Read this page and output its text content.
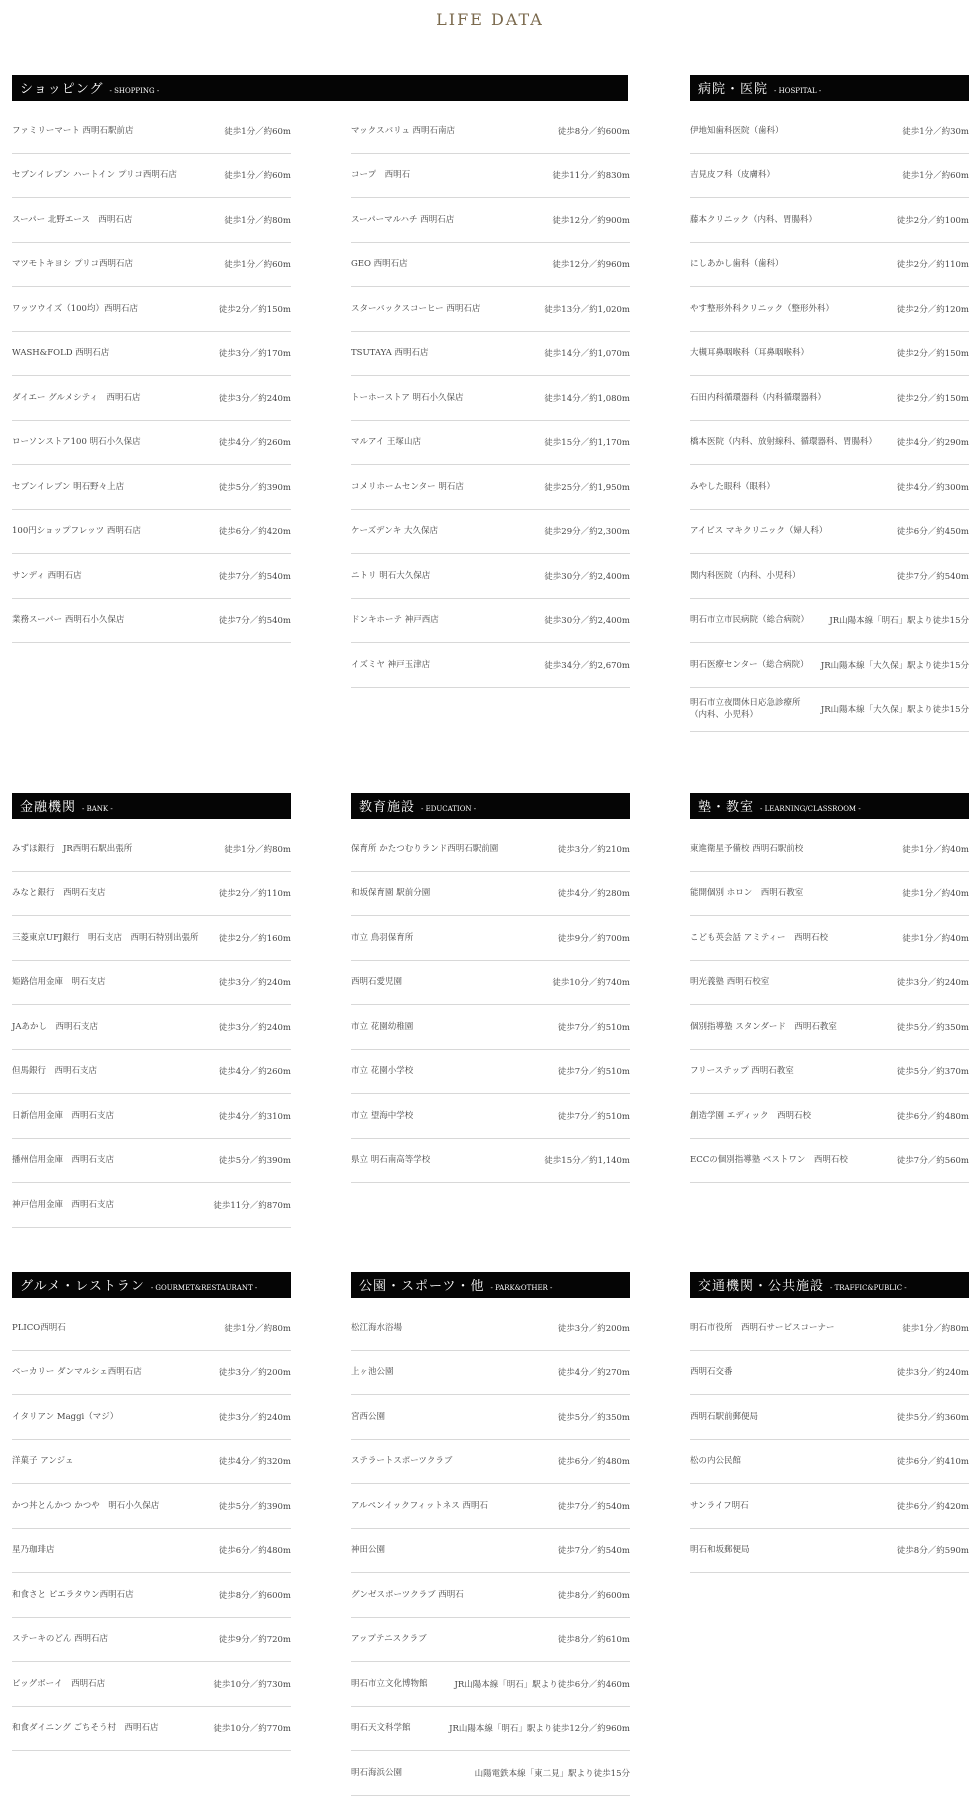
LIFE DATA
ショッピング - SHOPPING -
ファミリーマート 西明石駅前店	徒歩1分／約60m
セブンイレブン ハートイン プリコ西明石店	徒歩1分／約60m
スーパー 北野エース　西明石店	徒歩1分／約80m
マツモトキヨシ プリコ西明石店	徒歩1分／約60m
ワッツウイズ（100均）西明石店	徒歩2分／約150m
WASH&FOLD 西明石店	徒歩3分／約170m
ダイエー グルメシティ　西明石店	徒歩3分／約240m
ローソンストア100 明石小久保店	徒歩4分／約260m
セブンイレブン 明石野々上店	徒歩5分／約390m
100円ショップフレッツ 西明石店	徒歩6分／約420m
サンディ 西明石店	徒歩7分／約540m
業務スーパー 西明石小久保店	徒歩7分／約540m
マックスバリュ 西明石南店	徒歩8分／約600m
コープ　西明石	徒歩11分／約830m
スーパーマルハチ 西明石店	徒歩12分／約900m
GEO 西明石店	徒歩12分／約960m
スターバックスコーヒー 西明石店	徒歩13分／約1,020m
TSUTAYA 西明石店	徒歩14分／約1,070m
トーホーストア 明石小久保店	徒歩14分／約1,080m
マルアイ 王塚山店	徒歩15分／約1,170m
コメリホームセンター 明石店	徒歩25分／約1,950m
ケーズデンキ 大久保店	徒歩29分／約2,300m
ニトリ 明石大久保店	徒歩30分／約2,400m
ドンキホーテ 神戸西店	徒歩30分／約2,400m
イズミヤ 神戸玉津店	徒歩34分／約2,670m
病院・医院 - HOSPITAL -
伊地知歯科医院（歯科）	徒歩1分／約30m
吉見皮フ科（皮膚科）	徒歩1分／約60m
藤本クリニック（内科、胃腸科）	徒歩2分／約100m
にしあかし歯科（歯科）	徒歩2分／約110m
やす整形外科クリニック（整形外科）	徒歩2分／約120m
大槻耳鼻咽喉科（耳鼻咽喉科）	徒歩2分／約150m
石田内科循環器科（内科循環器科）	徒歩2分／約150m
橋本医院（内科、放射線科、循環器科、胃腸科）	徒歩4分／約290m
みやした眼科（眼科）	徒歩4分／約300m
アイビス マキクリニック（婦人科）	徒歩6分／約450m
関内科医院（内科、小児科）	徒歩7分／約540m
明石市立市民病院（総合病院）	JR山陽本線「明石」駅より徒歩15分
明石医療センター（総合病院）	JR山陽本線「大久保」駅より徒歩15分
明石市立夜間休日応急診療所
（内科、小児科）	JR山陽本線「大久保」駅より徒歩15分
金融機関 - BANK -
みずほ銀行　JR西明石駅出張所	徒歩1分／約80m
みなと銀行　西明石支店	徒歩2分／約110m
三菱東京UFJ銀行　明石支店　西明石特別出張所	徒歩2分／約160m
姫路信用金庫　明石支店	徒歩3分／約240m
JAあかし　西明石支店	徒歩3分／約240m
但馬銀行　西明石支店	徒歩4分／約260m
日新信用金庫　西明石支店	徒歩4分／約310m
播州信用金庫　西明石支店	徒歩5分／約390m
神戸信用金庫　西明石支店	徒歩11分／約870m
教育施設 - EDUCATION -
保育所 かたつむりランド西明石駅前園	徒歩3分／約210m
和坂保育園 駅前分園	徒歩4分／約280m
市立 鳥羽保育所	徒歩9分／約700m
西明石愛児園	徒歩10分／約740m
市立 花園幼稚園	徒歩7分／約510m
市立 花園小学校	徒歩7分／約510m
市立 望海中学校	徒歩7分／約510m
県立 明石南高等学校	徒歩15分／約1,140m
塾・教室 - LEARNING/CLASSROOM -
東進衛星予備校 西明石駅前校	徒歩1分／約40m
能開個別 ホロン　西明石教室	徒歩1分／約40m
こども英会話 アミティー　西明石校	徒歩1分／約40m
明光義塾 西明石校室	徒歩3分／約240m
個別指導塾 スタンダード　西明石教室	徒歩5分／約350m
フリーステップ 西明石教室	徒歩5分／約370m
創造学園 エディック　西明石校	徒歩6分／約480m
ECCの個別指導塾 ベストワン　西明石校	徒歩7分／約560m
グルメ・レストラン - GOURMET&RESTAURANT -
PLICO西明石	徒歩1分／約80m
ベーカリー ダンマルシェ西明石店	徒歩3分／約200m
イタリアン Maggi（マジ）	徒歩3分／約240m
洋菓子 アンジェ	徒歩4分／約320m
かつ丼とんかつ かつや　明石小久保店	徒歩5分／約390m
星乃珈琲店	徒歩6分／約480m
和食さと ピエラタウン西明石店	徒歩8分／約600m
ステーキのどん 西明石店	徒歩9分／約720m
ビッグボーイ　西明石店	徒歩10分／約730m
和食ダイニング ごちそう村　西明石店	徒歩10分／約770m
公園・スポーツ・他 - PARK&OTHER -
松江海水浴場	徒歩3分／約200m
上ヶ池公園	徒歩4分／約270m
宮西公園	徒歩5分／約350m
ステラートスポーツクラブ	徒歩6分／約480m
アルペンイックフィットネス 西明石	徒歩7分／約540m
神田公園	徒歩7分／約540m
グンゼスポーツクラブ 西明石	徒歩8分／約600m
アップテニスクラブ	徒歩8分／約610m
明石市立文化博物館	JR山陽本線「明石」駅より徒歩6分／約460m
明石天文科学館	JR山陽本線「明石」駅より徒歩12分／約960m
明石海浜公園	山陽電鉄本線「東二見」駅より徒歩15分
交通機関・公共施設 - TRAFFIC&PUBLIC -
明石市役所　西明石サービスコーナー	徒歩1分／約80m
西明石交番	徒歩3分／約240m
西明石駅前郵便局	徒歩5分／約360m
松の内公民館	徒歩6分／約410m
サンライフ明石	徒歩6分／約420m
明石和坂郵便局	徒歩8分／約590m
